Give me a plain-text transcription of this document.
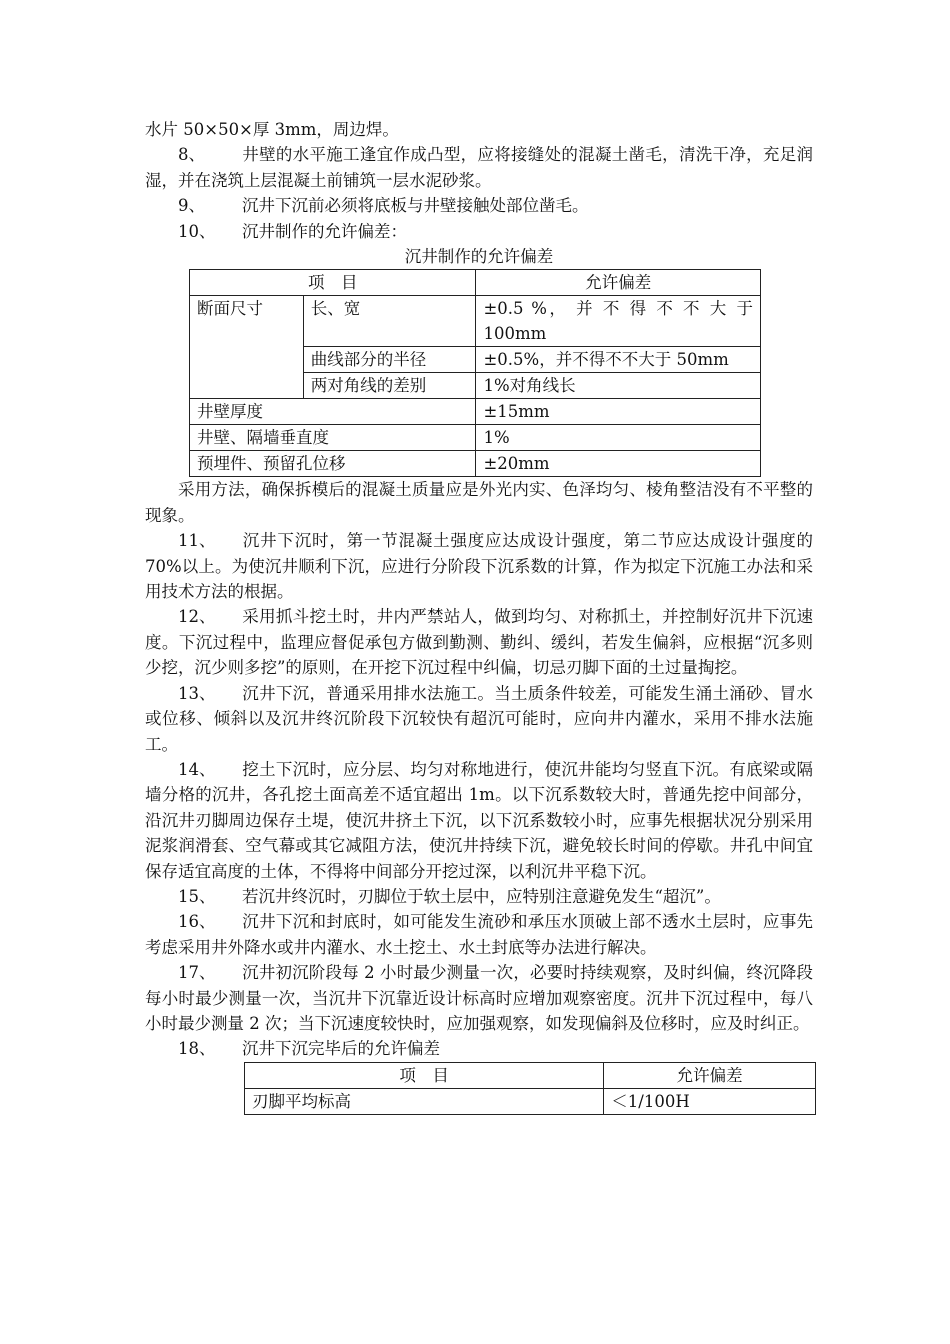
水片 50×50×厚 3mm，周边焊。

8、 井壁的水平施工逢宜作成凸型，应将接缝处的混凝土凿毛，清洗干净，充足润湿，并在浇筑上层混凝土前铺筑一层水泥砂浆。

9、 沉井下沉前必须将底板与井壁接触处部位凿毛。

10、 沉井制作的允许偏差：

沉井制作的允许偏差

项　目		允许偏差
断面尺寸	长、宽	±0.5 %， 并 不 得 不 不 大 于 100mm
	曲线部分的半径	±0.5%，并不得不不大于 50mm
	两对角线的差别	1%对角线长
井壁厚度		±15mm
井壁、隔墙垂直度		1%
预埋件、预留孔位移		±20mm

采用方法，确保拆模后的混凝土质量应是外光内实、色泽均匀、棱角整洁没有不平整的现象。

11、 沉井下沉时，第一节混凝土强度应达成设计强度，第二节应达成设计强度的 70%以上。为使沉井顺利下沉，应进行分阶段下沉系数的计算，作为拟定下沉施工办法和采用技术方法的根据。

12、 采用抓斗挖土时，井内严禁站人，做到均匀、对称抓土，并控制好沉井下沉速度。下沉过程中，监理应督促承包方做到勤测、勤纠、缓纠，若发生偏斜，应根据“沉多则少挖，沉少则多挖”的原则，在开挖下沉过程中纠偏，切忌刃脚下面的土过量掏挖。

13、 沉井下沉，普通采用排水法施工。当土质条件较差，可能发生涌土涌砂、冒水或位移、倾斜以及沉井终沉阶段下沉较快有超沉可能时，应向井内灌水，采用不排水法施工。

14、 挖土下沉时，应分层、均匀对称地进行，使沉井能均匀竖直下沉。有底梁或隔墙分格的沉井，各孔挖土面高差不适宜超出 1m。以下沉系数较大时，普通先挖中间部分，沿沉井刃脚周边保存土堤，使沉井挤土下沉，以下沉系数较小时，应事先根据状况分别采用泥浆润滑套、空气幕或其它减阻方法，使沉井持续下沉，避免较长时间的停歇。井孔中间宜保存适宜高度的土体，不得将中间部分开挖过深，以利沉井平稳下沉。

15、 若沉井终沉时，刃脚位于软土层中，应特别注意避免发生“超沉”。

16、 沉井下沉和封底时，如可能发生流砂和承压水顶破上部不透水土层时，应事先考虑采用井外降水或井内灌水、水土挖土、水土封底等办法进行解决。

17、 沉井初沉阶段每 2 小时最少测量一次，必要时持续观察，及时纠偏，终沉降段每小时最少测量一次，当沉井下沉靠近设计标高时应增加观察密度。沉井下沉过程中，每八小时最少测量 2 次；当下沉速度较快时，应加强观察，如发现偏斜及位移时，应及时纠正。

18、 沉井下沉完毕后的允许偏差

项　目	允许偏差
刃脚平均标高	＜1/100H
